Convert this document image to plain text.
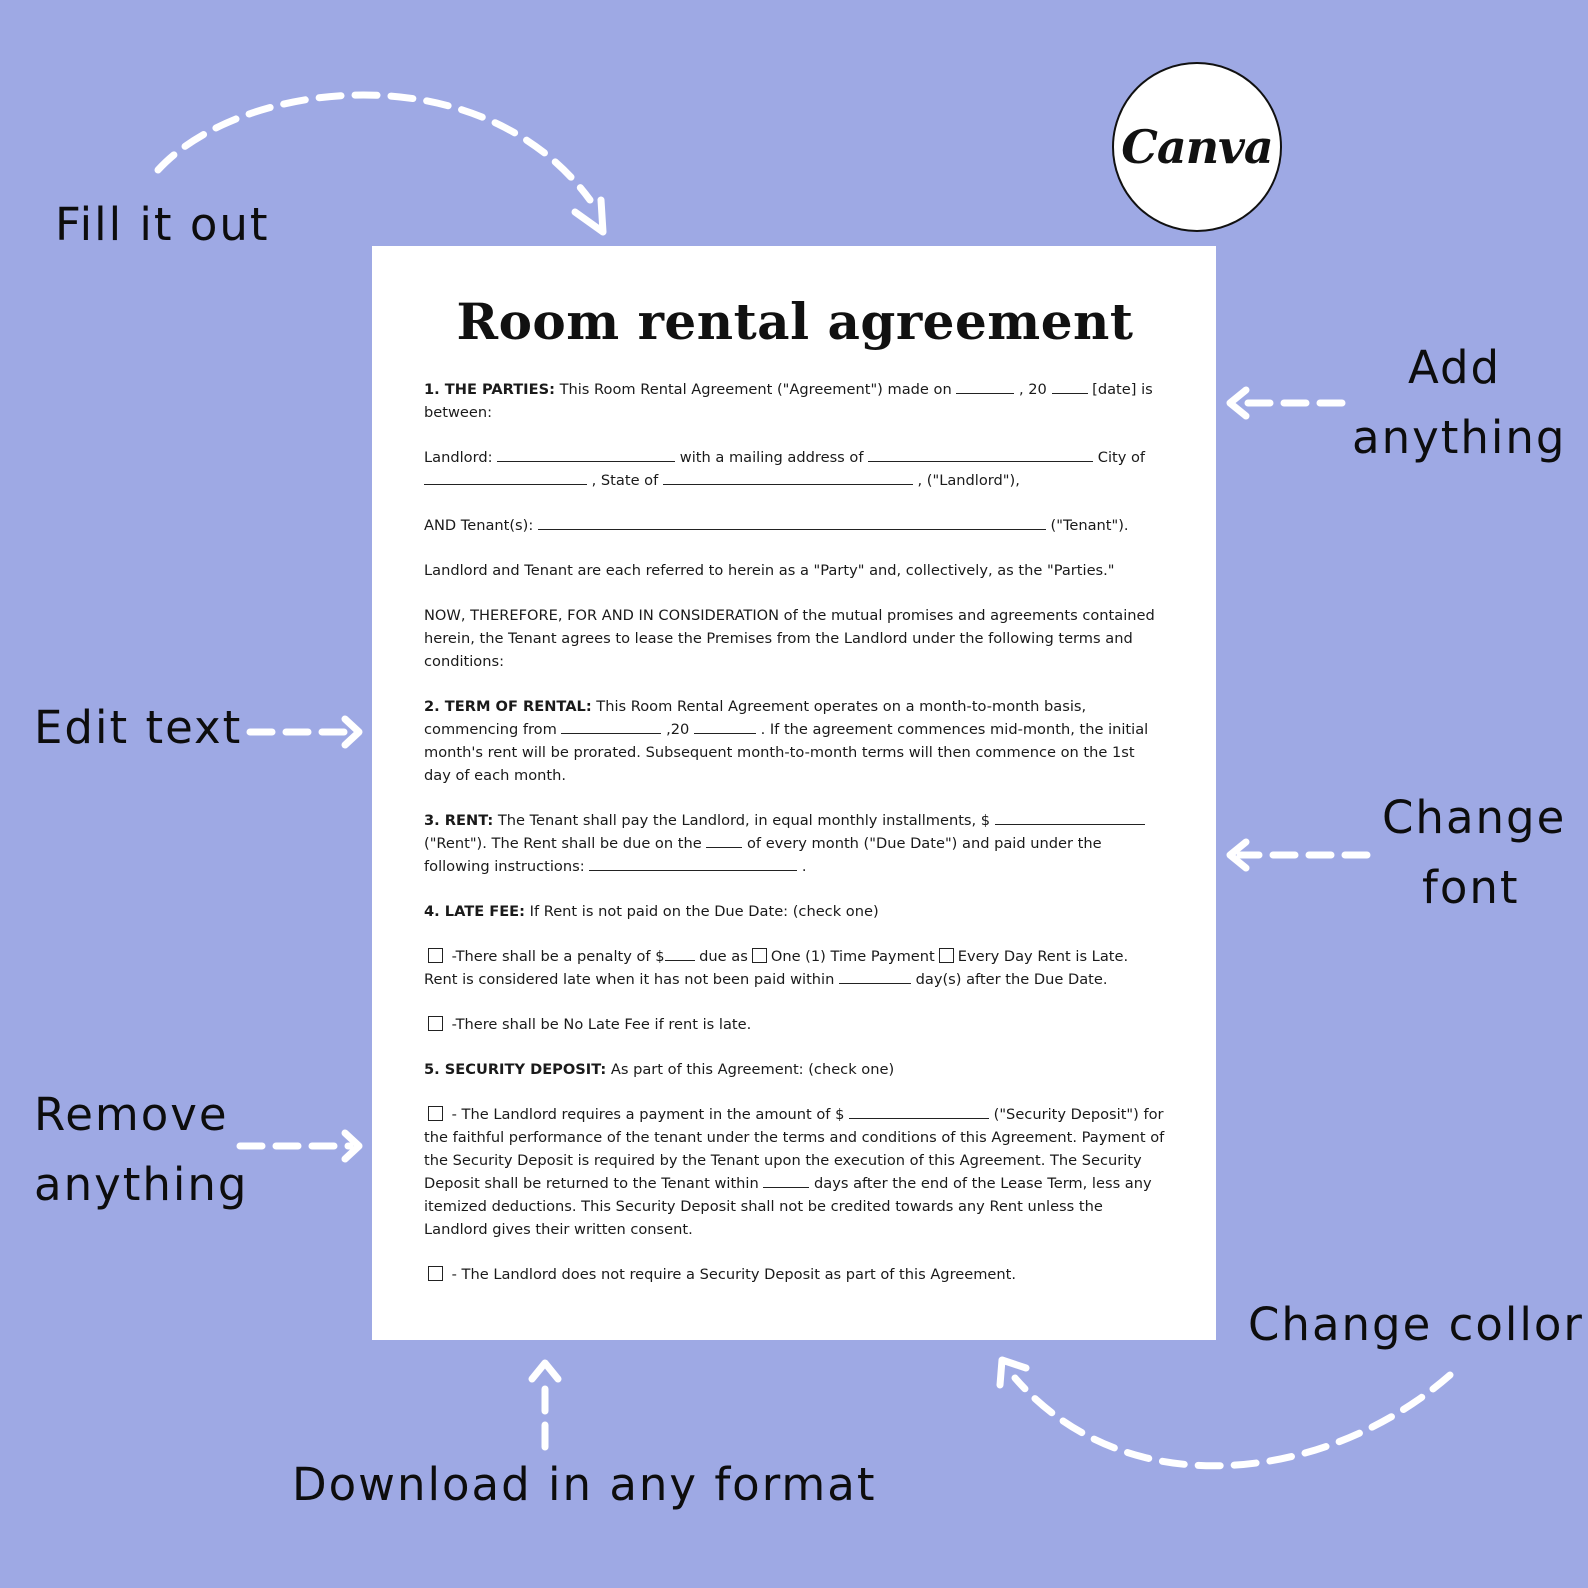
Fill it out
Add
anything
Edit text
Change
font
Remove
anything
Change collor
Download in any format
Canva
Room rental agreement

1. THE PARTIES: This Room Rental Agreement ("Agreement") made on	, 20  [date] is between:

Landlord:	with a mailing address of	City of  , State of	, ("Landlord"),

AND Tenant(s):	("Tenant").

Landlord and Tenant are each referred to herein as a "Party" and, collectively, as the "Parties."

NOW, THEREFORE, FOR AND IN CONSIDERATION of the mutual promises and agreements contained herein, the Tenant agrees to lease the Premises from the Landlord under the following terms and conditions:

2. TERM OF RENTAL: This Room Rental Agreement operates on a month-to-month basis, commencing from	,20	. If the agreement commences mid-month, the initial month's rent will be prorated. Subsequent month-to-month terms will then commence on the 1st day of each month.

3. RENT: The Tenant shall pay the Landlord, in equal monthly installments, $  ("Rent"). The Rent shall be due on the  of every month ("Due Date") and paid under the following instructions:	.

4. LATE FEE: If Rent is not paid on the Due Date: (check one)

-There shall be a penalty of $ due as One (1) Time Payment Every Day Rent is Late.
Rent is considered late when it has not been paid within	day(s) after the Due Date.

-There shall be No Late Fee if rent is late.

5. SECURITY DEPOSIT: As part of this Agreement: (check one)

- The Landlord requires a payment in the amount of $	("Security Deposit") for the faithful performance of the tenant under the terms and conditions of this Agreement. Payment of the Security Deposit is required by the Tenant upon the execution of this Agreement. The Security Deposit shall be returned to the Tenant within	days after the end of the Lease Term, less any itemized deductions. This Security Deposit shall not be credited towards any Rent unless the Landlord gives their written consent.

- The Landlord does not require a Security Deposit as part of this Agreement.
